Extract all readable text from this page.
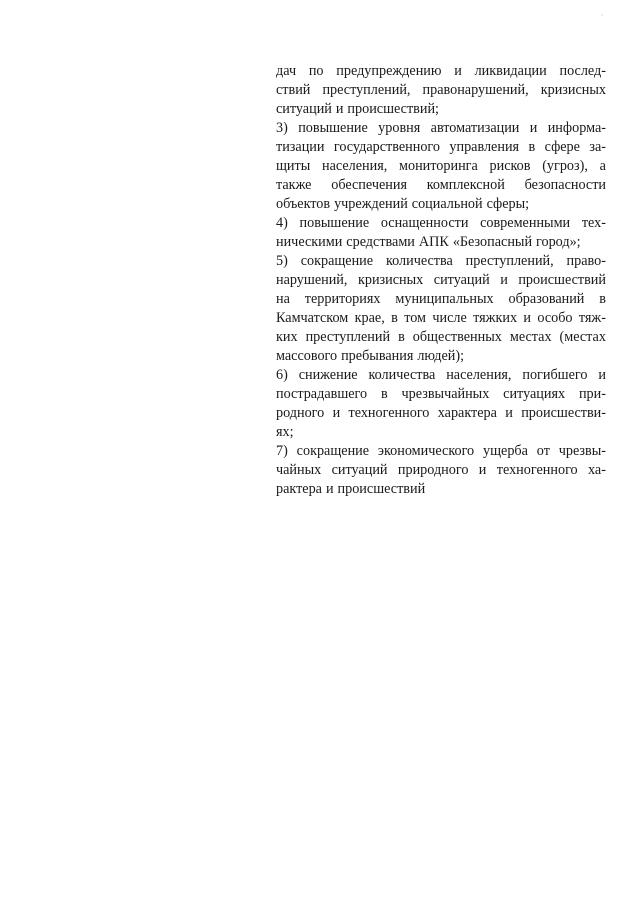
дач по предупреждению и ликвидации послед-
ствий преступлений, правонарушений, кризисных
ситуаций и происшествий;
3) повышение уровня автоматизации и информа-
тизации государственного управления в сфере за-
щиты населения, мониторинга рисков (угроз), а
также обеспечения комплексной безопасности
объектов учреждений социальной сферы;
4) повышение оснащенности современными тех-
ническими средствами АПК «Безопасный город»;
5) сокращение количества преступлений, право-
нарушений, кризисных ситуаций и происшествий
на территориях муниципальных образований в
Камчатском крае, в том числе тяжких и особо тяж-
ких преступлений в общественных местах (местах
массового пребывания людей);
6) снижение количества населения, погибшего и
пострадавшего в чрезвычайных ситуациях при-
родного и техногенного характера и происшестви-
ях;
7) сокращение экономического ущерба от чрезвы-
чайных ситуаций природного и техногенного ха-
рактера и происшествий
